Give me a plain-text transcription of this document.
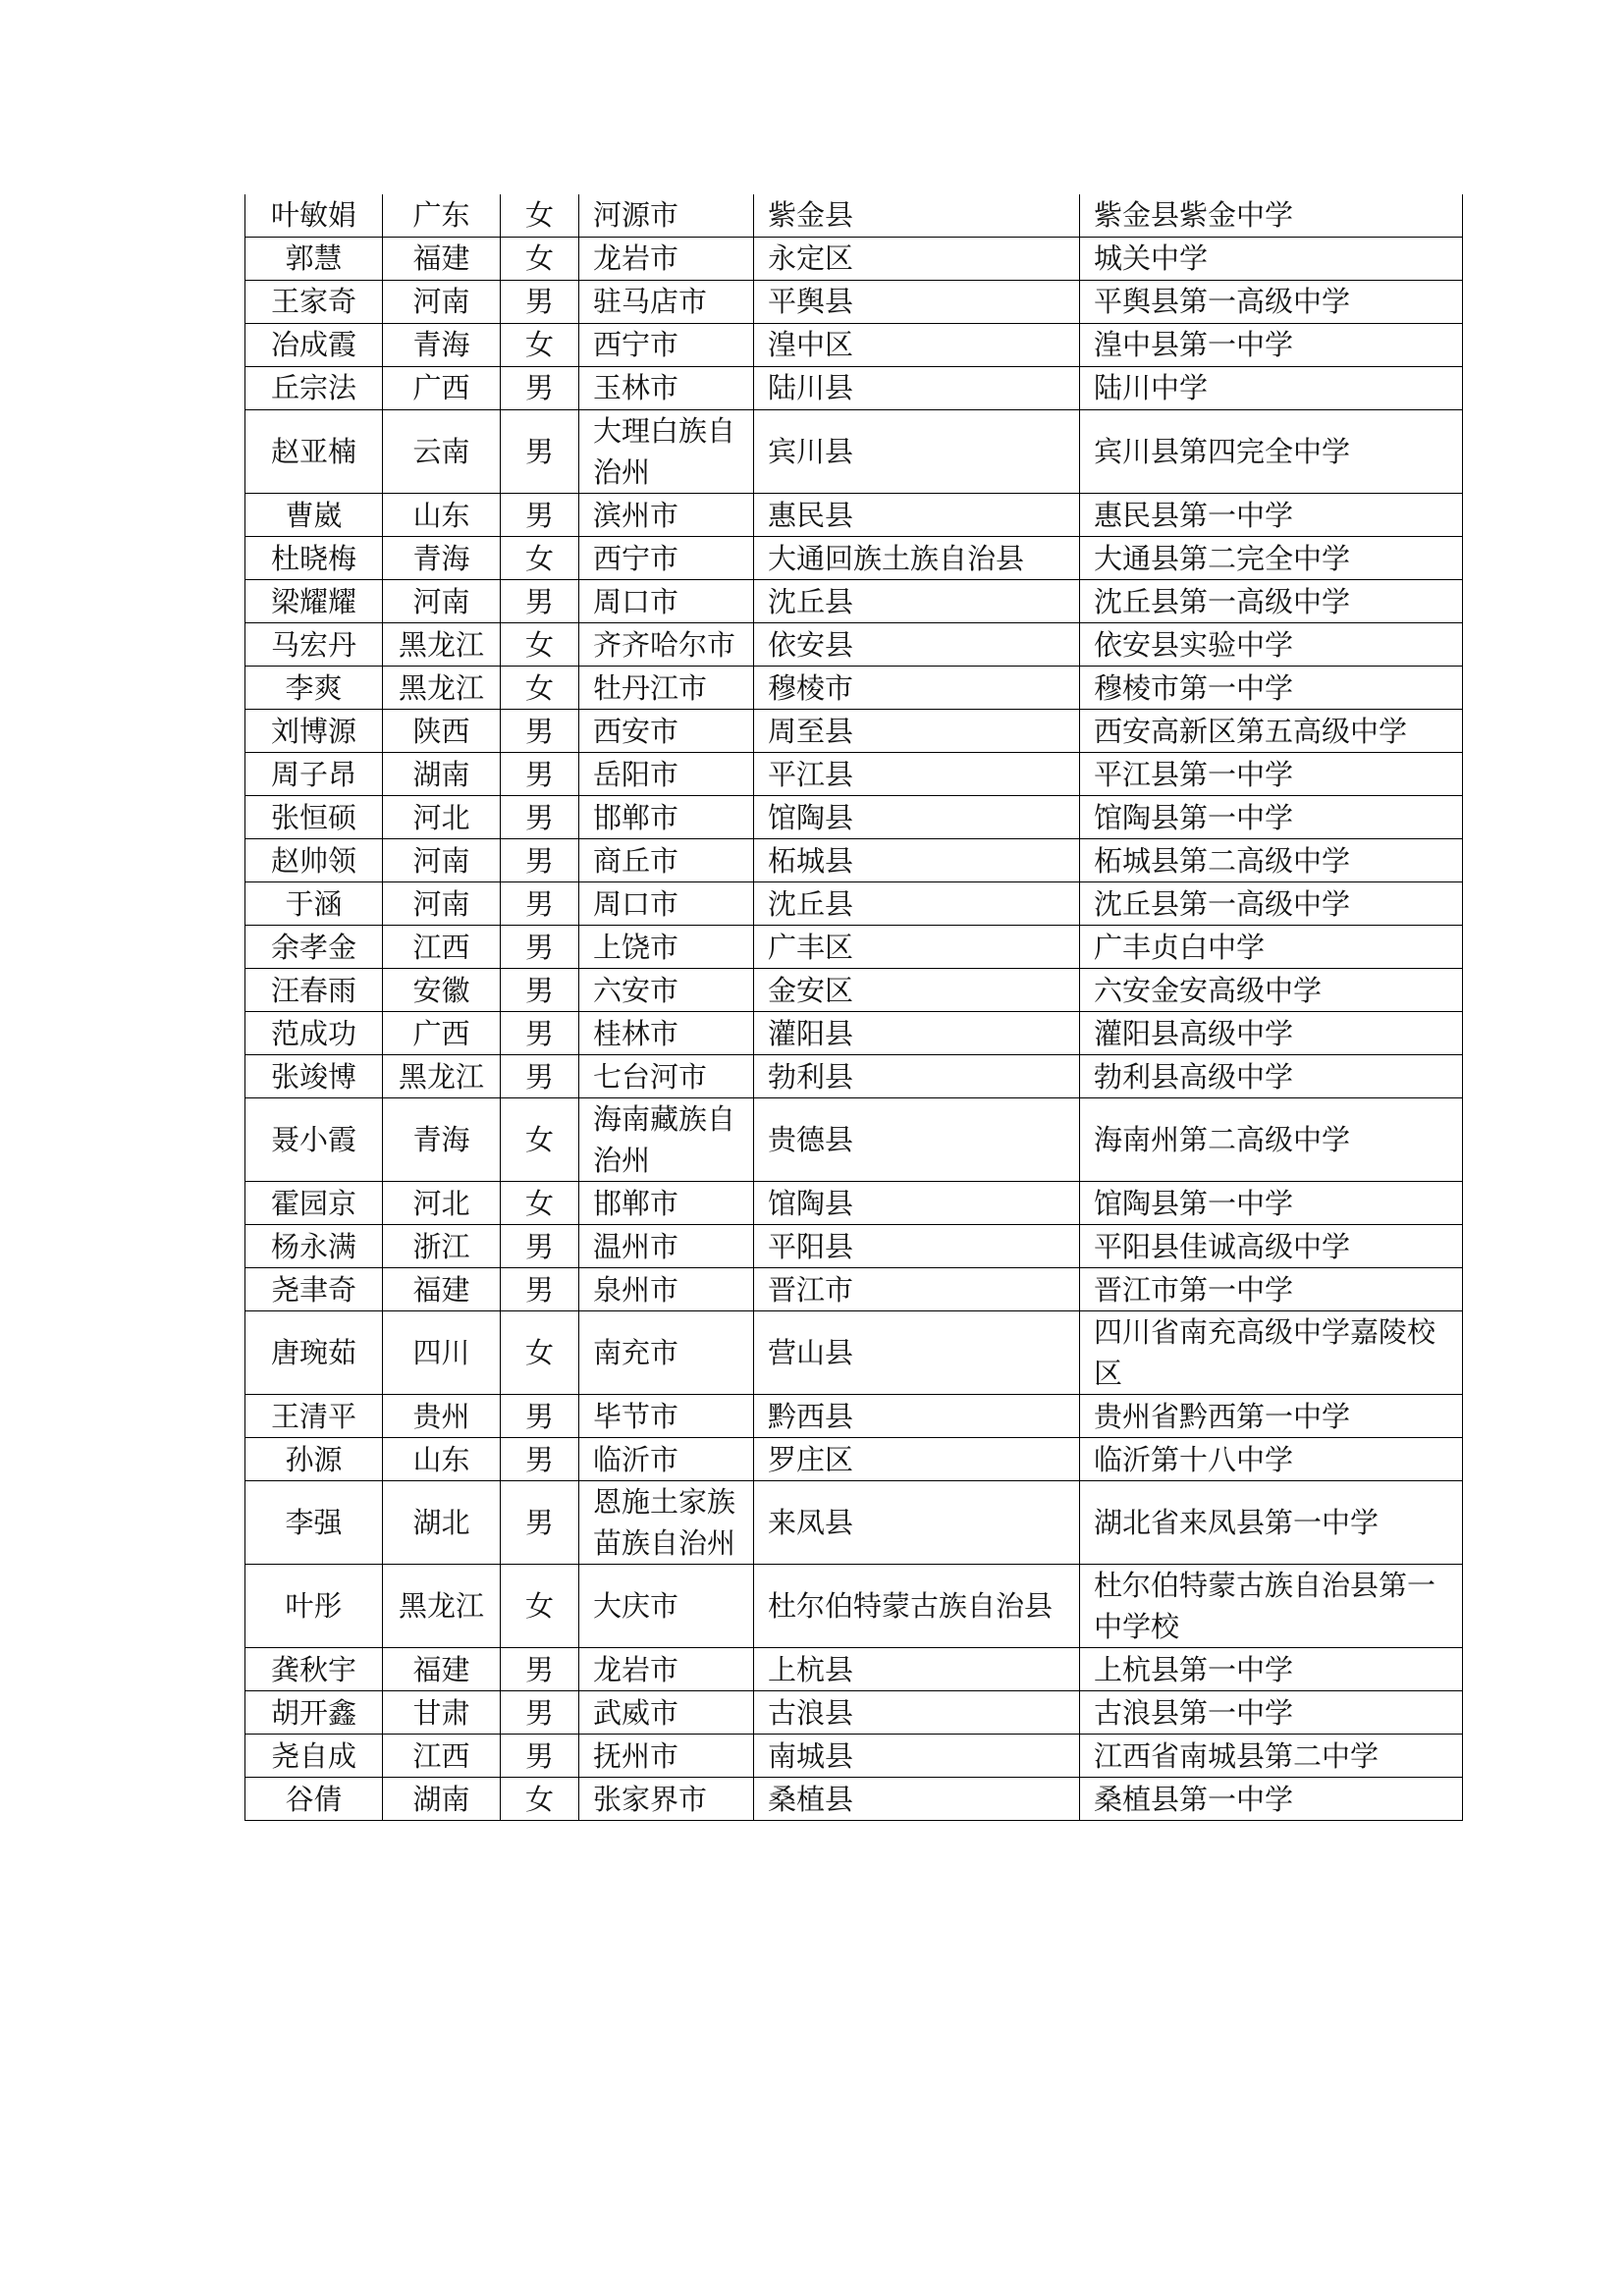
叶敏娟	广东	女	河源市	紫金县	紫金县紫金中学
郭慧	福建	女	龙岩市	永定区	城关中学
王家奇	河南	男	驻马店市	平舆县	平舆县第一高级中学
冶成霞	青海	女	西宁市	湟中区	湟中县第一中学
丘宗法	广西	男	玉林市	陆川县	陆川中学
赵亚楠	云南	男	大理白族自治州	宾川县	宾川县第四完全中学
曹崴	山东	男	滨州市	惠民县	惠民县第一中学
杜晓梅	青海	女	西宁市	大通回族土族自治县	大通县第二完全中学
梁耀耀	河南	男	周口市	沈丘县	沈丘县第一高级中学
马宏丹	黑龙江	女	齐齐哈尔市	依安县	依安县实验中学
李爽	黑龙江	女	牡丹江市	穆棱市	穆棱市第一中学
刘博源	陕西	男	西安市	周至县	西安高新区第五高级中学
周子昂	湖南	男	岳阳市	平江县	平江县第一中学
张恒硕	河北	男	邯郸市	馆陶县	馆陶县第一中学
赵帅领	河南	男	商丘市	柘城县	柘城县第二高级中学
于涵	河南	男	周口市	沈丘县	沈丘县第一高级中学
余孝金	江西	男	上饶市	广丰区	广丰贞白中学
汪春雨	安徽	男	六安市	金安区	六安金安高级中学
范成功	广西	男	桂林市	灌阳县	灌阳县高级中学
张竣博	黑龙江	男	七台河市	勃利县	勃利县高级中学
聂小霞	青海	女	海南藏族自治州	贵德县	海南州第二高级中学
霍园京	河北	女	邯郸市	馆陶县	馆陶县第一中学
杨永满	浙江	男	温州市	平阳县	平阳县佳诚高级中学
尧聿奇	福建	男	泉州市	晋江市	晋江市第一中学
唐琬茹	四川	女	南充市	营山县	四川省南充高级中学嘉陵校区
王清平	贵州	男	毕节市	黔西县	贵州省黔西第一中学
孙源	山东	男	临沂市	罗庄区	临沂第十八中学
李强	湖北	男	恩施土家族苗族自治州	来凤县	湖北省来凤县第一中学
叶彤	黑龙江	女	大庆市	杜尔伯特蒙古族自治县	杜尔伯特蒙古族自治县第一中学校
龚秋宇	福建	男	龙岩市	上杭县	上杭县第一中学
胡开鑫	甘肃	男	武威市	古浪县	古浪县第一中学
尧自成	江西	男	抚州市	南城县	江西省南城县第二中学
谷倩	湖南	女	张家界市	桑植县	桑植县第一中学
